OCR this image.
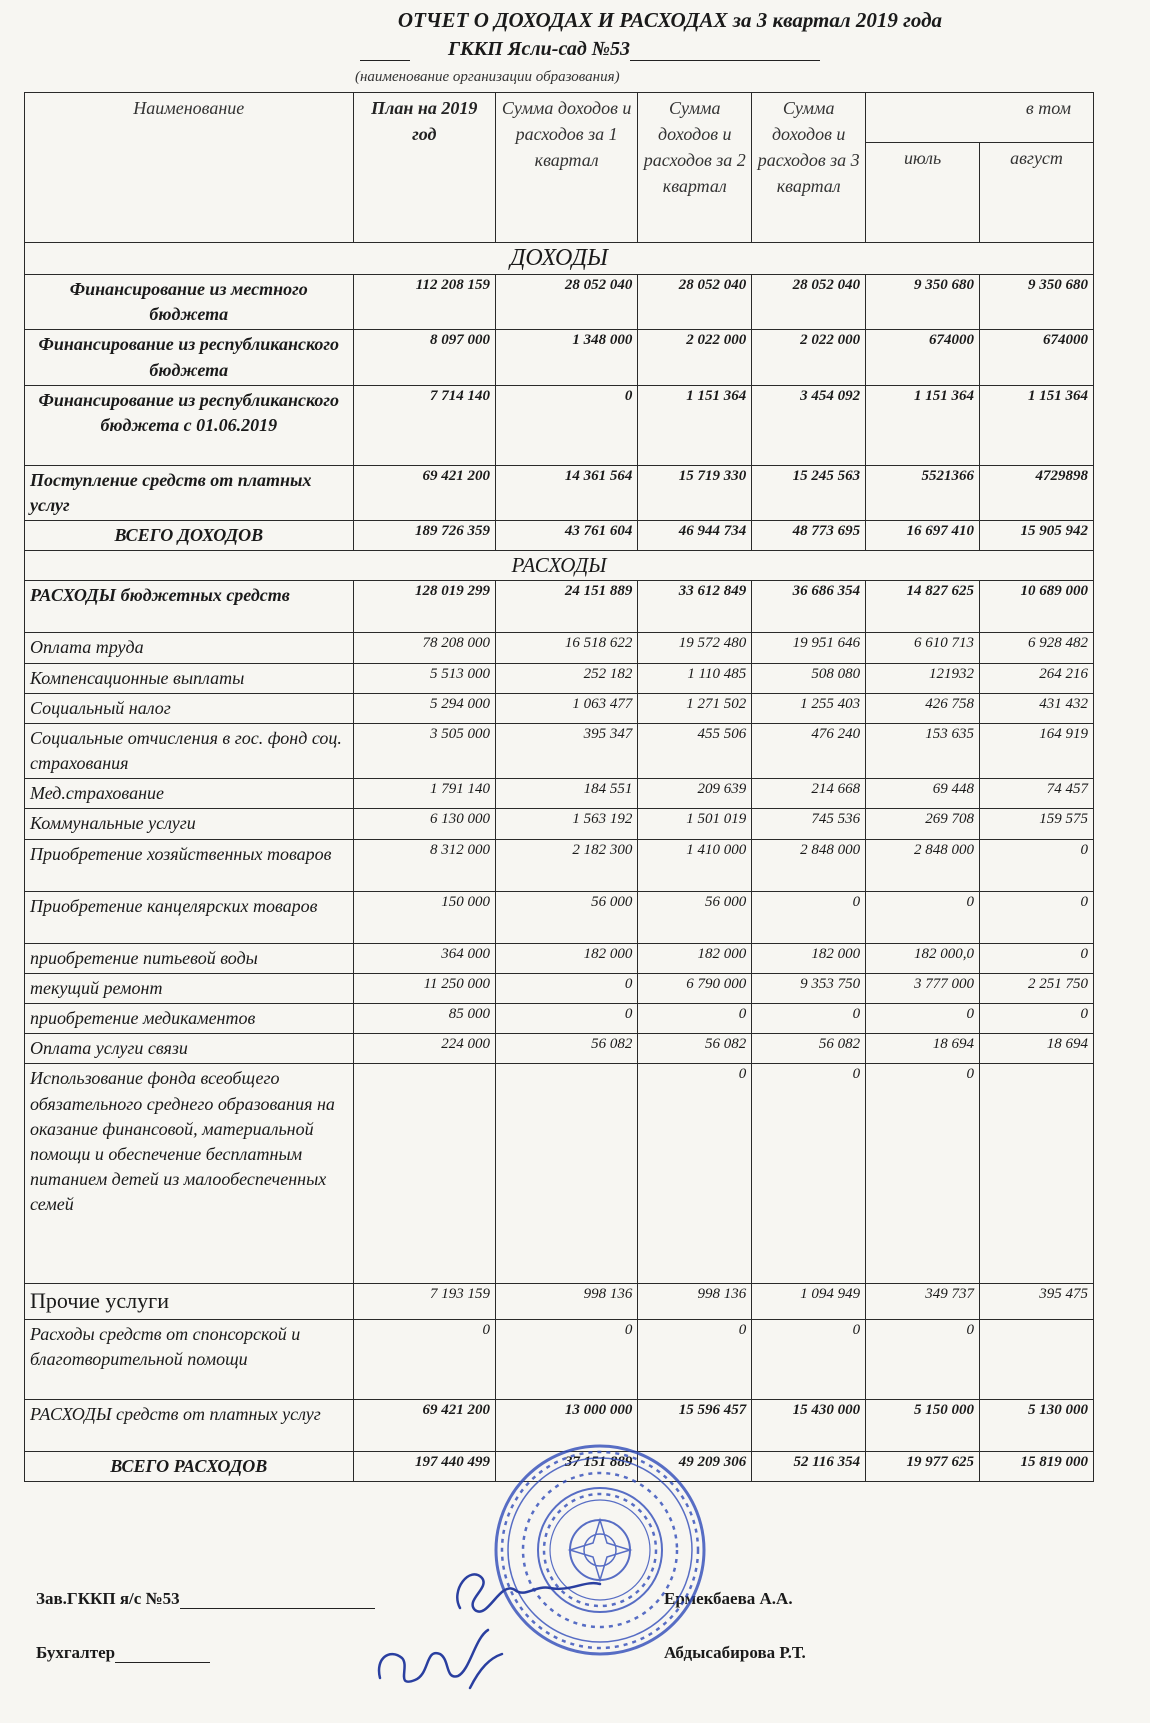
ОТЧЕТ О ДОХОДАХ И РАСХОДАХ за 3 квартал 2019 года
ГККП Ясли-сад №53
(наименование организации образования)
Наименование	План на 2019 год	Сумма доходов и расходов за 1 квартал	Сумма доходов и расходов за 2 квартал	Сумма доходов и расходов за 3 квартал	в том	
					июль	август
ДОХОДЫ						
Финансирование из местного бюджета	112 208 159	28 052 040	28 052 040	28 052 040	9 350 680	9 350 680
Финансирование из республиканского бюджета	8 097 000	1 348 000	2 022 000	2 022 000	674000	674000
Финансирование из республиканского бюджета с 01.06.2019	7 714 140	0	1 151 364	3 454 092	1 151 364	1 151 364
Поступление средств от платных услуг	69 421 200	14 361 564	15 719 330	15 245 563	5521366	4729898
ВСЕГО ДОХОДОВ	189 726 359	43 761 604	46 944 734	48 773 695	16 697 410	15 905 942
РАСХОДЫ						
РАСХОДЫ бюджетных средств	128 019 299	24 151 889	33 612 849	36 686 354	14 827 625	10 689 000
Оплата труда	78 208 000	16 518 622	19 572 480	19 951 646	6 610 713	6 928 482
Компенсационные выплаты	5 513 000	252 182	1 110 485	508 080	121932	264 216
Социальный налог	5 294 000	1 063 477	1 271 502	1 255 403	426 758	431 432
Социальные отчисления в гос. фонд соц. страхования	3 505 000	395 347	455 506	476 240	153 635	164 919
Мед.страхование	1 791 140	184 551	209 639	214 668	69 448	74 457
Коммунальные услуги	6 130 000	1 563 192	1 501 019	745 536	269 708	159 575
Приобретение хозяйственных товаров	8 312 000	2 182 300	1 410 000	2 848 000	2 848 000	0
Приобретение канцелярских товаров	150 000	56 000	56 000	0	0	0
приобретение питьевой воды	364 000	182 000	182 000	182 000	182 000,0	0
текущий ремонт	11 250 000	0	6 790 000	9 353 750	3 777 000	2 251 750
приобретение медикаментов	85 000	0	0	0	0	0
Оплата услуги связи	224 000	56 082	56 082	56 082	18 694	18 694
Использование фонда всеобщего обязательного среднего образования на оказание финансовой, материальной помощи и обеспечение бесплатным питанием детей из малообеспеченных семей			0	0	0	
Прочие услуги	7 193 159	998 136	998 136	1 094 949	349 737	395 475
Расходы средств от спонсорской и благотворительной помощи	0	0	0	0	0	
РАСХОДЫ средств от платных услуг	69 421 200	13 000 000	15 596 457	15 430 000	5 150 000	5 130 000
ВСЕГО РАСХОДОВ	197 440 499	37 151 889	49 209 306	52 116 354	19 977 625	15 819 000
Зав.ГККП я/с №53	Ермекбаева А.А.
Бухгалтер	Абдысабирова Р.Т.
